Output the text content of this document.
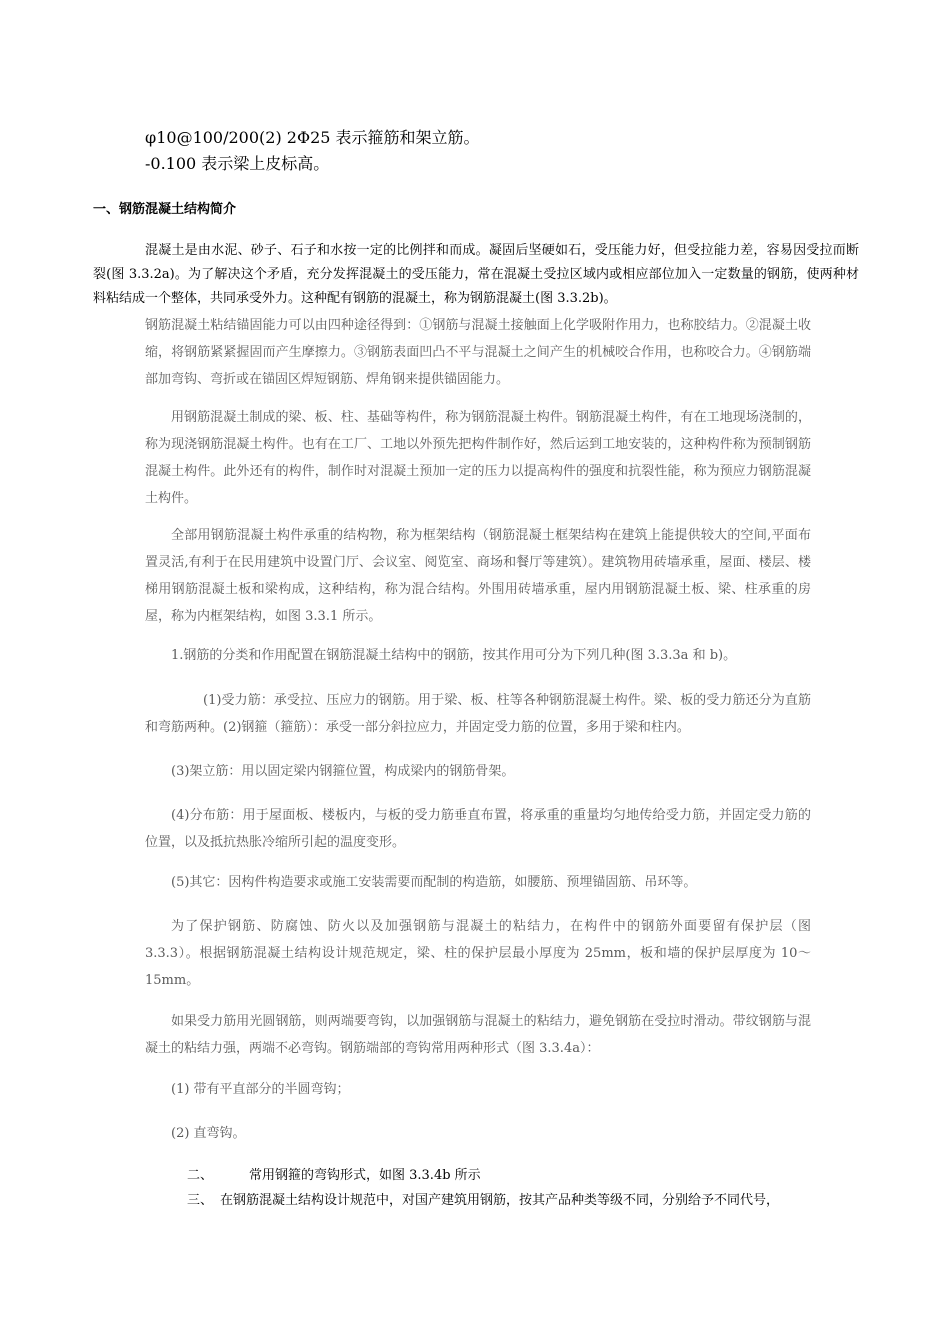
φ10@100/200(2) 2Φ25 表示箍筋和架立筋。
-0.100 表示梁上皮标高。
一、钢筋混凝土结构简介
混凝土是由水泥、砂子、石子和水按一定的比例拌和而成。凝固后坚硬如石，受压能力好，但受拉能力差，容易因受拉而断裂(图 3.3.2a)。为了解决这个矛盾，充分发挥混凝土的受压能力，常在混凝土受拉区域内或相应部位加入一定数量的钢筋，使两种材料粘结成一个整体，共同承受外力。这种配有钢筋的混凝土，称为钢筋混凝土(图 3.3.2b)。
钢筋混凝土粘结锚固能力可以由四种途径得到：①钢筋与混凝土接触面上化学吸附作用力，也称胶结力。②混凝土收缩，将钢筋紧紧握固而产生摩擦力。③钢筋表面凹凸不平与混凝土之间产生的机械咬合作用，也称咬合力。④钢筋端部加弯钩、弯折或在锚固区焊短钢筋、焊角钢来提供锚固能力。
用钢筋混凝土制成的梁、板、柱、基础等构件，称为钢筋混凝土构件。钢筋混凝土构件，有在工地现场浇制的，称为现浇钢筋混凝土构件。也有在工厂、工地以外预先把构件制作好，然后运到工地安装的，这种构件称为预制钢筋混凝土构件。此外还有的构件，制作时对混凝土预加一定的压力以提高构件的强度和抗裂性能，称为预应力钢筋混凝土构件。
全部用钢筋混凝土构件承重的结构物，称为框架结构（钢筋混凝土框架结构在建筑上能提供较大的空间,平面布置灵活,有利于在民用建筑中设置门厅、会议室、阅览室、商场和餐厅等建筑）。建筑物用砖墙承重，屋面、楼层、楼梯用钢筋混凝土板和梁构成，这种结构，称为混合结构。外围用砖墙承重，屋内用钢筋混凝土板、梁、柱承重的房屋，称为内框架结构，如图 3.3.1 所示。
1.钢筋的分类和作用配置在钢筋混凝土结构中的钢筋，按其作用可分为下列几种(图 3.3.3a 和 b)。
(1)受力筋：承受拉、压应力的钢筋。用于梁、板、柱等各种钢筋混凝土构件。梁、板的受力筋还分为直筋和弯筋两种。(2)钢箍（箍筋）：承受一部分斜拉应力，并固定受力筋的位置，多用于梁和柱内。
(3)架立筋：用以固定梁内钢箍位置，构成梁内的钢筋骨架。
(4)分布筋：用于屋面板、楼板内，与板的受力筋垂直布置，将承重的重量均匀地传给受力筋，并固定受力筋的位置，以及抵抗热胀冷缩所引起的温度变形。
(5)其它：因构件构造要求或施工安装需要而配制的构造筋，如腰筋、预埋锚固筋、吊环等。
为了保护钢筋、防腐蚀、防火以及加强钢筋与混凝土的粘结力，在构件中的钢筋外面要留有保护层（图 3.3.3）。根据钢筋混凝土结构设计规范规定，梁、柱的保护层最小厚度为 25mm，板和墙的保护层厚度为 10～15mm。
如果受力筋用光圆钢筋，则两端要弯钩，以加强钢筋与混凝土的粘结力，避免钢筋在受拉时滑动。带纹钢筋与混凝土的粘结力强，两端不必弯钩。钢筋端部的弯钩常用两种形式（图 3.3.4a）：
(1) 带有平直部分的半圆弯钩；
(2) 直弯钩。
二、	常用钢箍的弯钩形式，如图 3.3.4b 所示
三、 在钢筋混凝土结构设计规范中，对国产建筑用钢筋，按其产品种类等级不同，分别给予不同代号，
